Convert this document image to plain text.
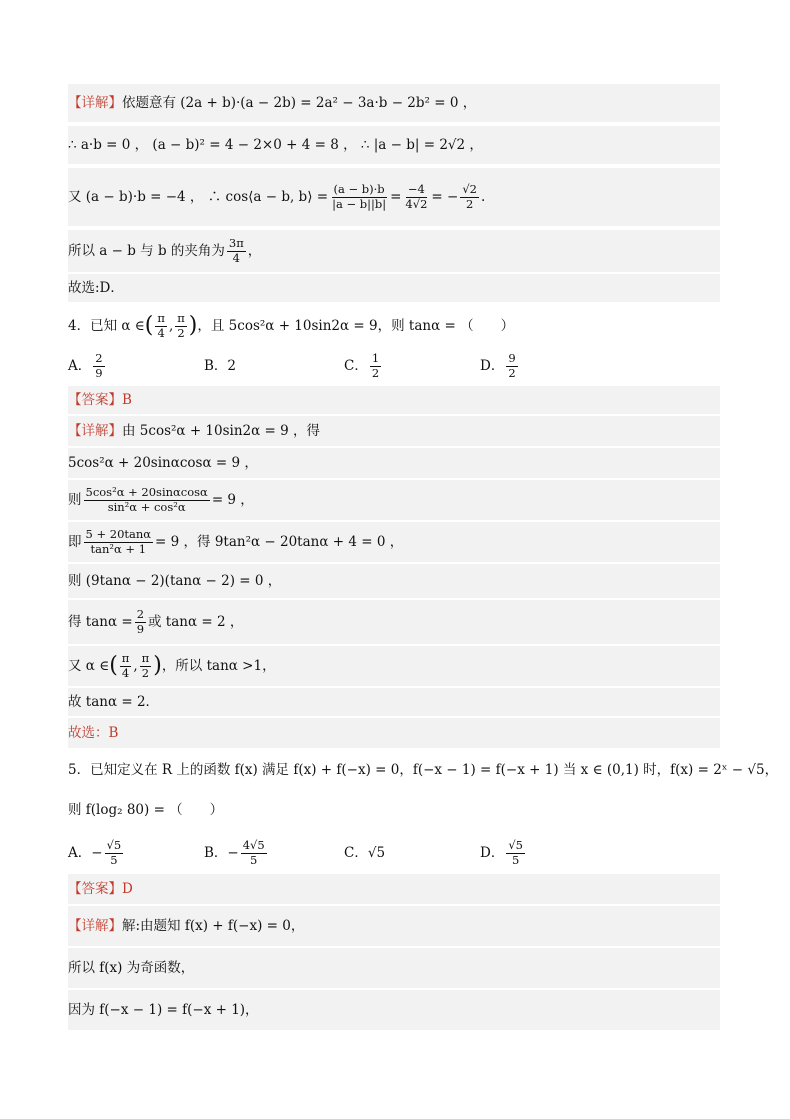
【详解】 依题意有 (2a + b)·(a − 2b) = 2a² − 3a·b − 2b² = 0 ，
∴ a·b = 0 ， (a − b)² = 4 − 2×0 + 4 = 8 ， ∴ |a − b| = 2√2 ，
又 (a − b)·b = −4 ， ∴ cos⟨a − b, b⟩ = $\frac{(a - b)\cdot b}{|a - b||b|} = \frac{-4}{4√2}$ = − $\frac{√2}{2}$ .
所以 a − b 与 b 的夹角为 $\frac{3\pi}{4}$ ，
故选:D．
4．已知 α ∈ ( $\frac{\pi}{4}$ , $\frac{\pi}{2}$ ) ，且 5cos²α + 10sin2α = 9，则 tanα = （　　）
A． $\frac{2}{9}$	B． 2	C． $\frac{1}{2}$	D． $\frac{9}{2}$
【答案】 B
【详解】 由 5cos²α + 10sin2α = 9 ，得
5cos²α + 20sinαcosα = 9 ，
则 $\frac{\text{5cos²α + 20sinαcosα}}{\text{sin²α + cos²α}} = 9$ ，
即 $\frac{5 + 20\tan\alpha}{\text{tan²α + 1}} = 9$ ，得 9tan²α − 20tanα + 4 = 0 ，
则 (9tanα − 2)(tanα − 2) = 0 ，
得 $\tan\alpha = \frac{2}{9}$ 或 tanα = 2 ，
又 α ∈ ( $\frac{\pi}{4}$ , $\frac{\pi}{2}$ ) ，所以 tanα >1，
故 tanα = 2．
故选：B
5．已知定义在 R 上的函数 f(x) 满足 f(x) + f(−x) = 0，f(−x − 1) = f(−x + 1) 当 x ∈ (0,1) 时，f(x) = 2ˣ − √5，
则 f(log₂ 80) = （　　）
A． − $\frac{√5}{5}$	B． − $\frac{4√5}{5}$	C． √5	D． $\frac{√5}{5}$
【答案】 D
【详解】 解:由题知 f(x) + f(−x) = 0，
所以 f(x) 为奇函数，
因为 f(−x − 1) = f(−x + 1)，
